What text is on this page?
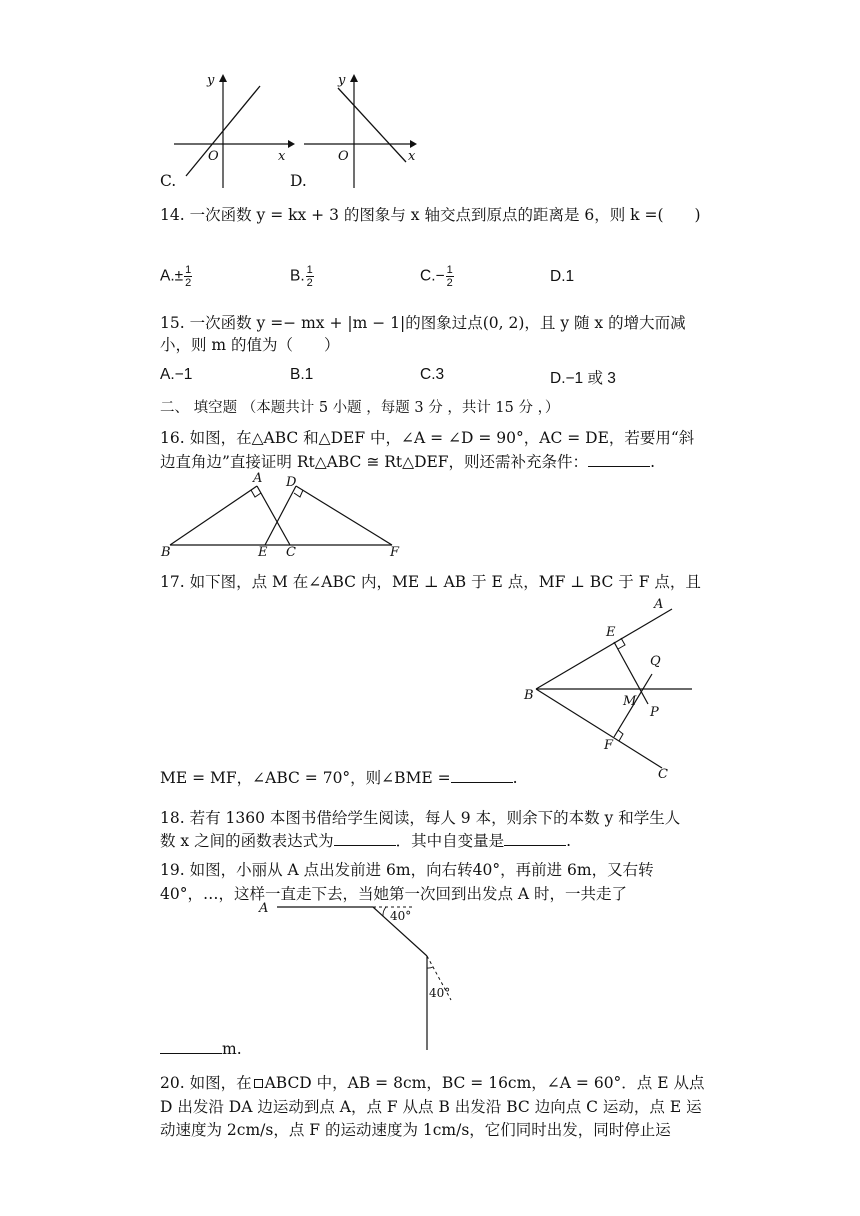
y
x
O
C.
y
x
O
D.
14. 一次函数 y = kx + 3 的图象与 x 轴交点到原点的距离是 6，则 k =(　　)
$A.\pm \frac{1}{2}$	B. $\frac{1}{2}$	$C.- \frac{1}{2}$	D.1
15. 一次函数 y =− mx + |m − 1|的图象过点(0, 2)，且 y 随 x 的增大而减
小，则 m 的值为（　　）
A.−1	B.1	C.3	D.−1 或 3
二、 填空题 （本题共计 5 小题 ，每题 3 分 ，共计 15 分 ，）
16. 如图，在△ABC 和△DEF 中，∠A = ∠D = 90°，AC = DE，若要用“斜
边直角边”直接证明 Rt△ABC ≅ Rt△DEF，则还需补充条件：	.
A D
B	E C	F
17. 如下图，点 M 在∠ABC 内，ME ⊥ AB 于 E 点，MF ⊥ BC 于 F 点，且
A
E
Q
B	M
P
F
C
ME = MF，∠ABC = 70°，则∠BME =	.
18. 若有 1360 本图书借给学生阅读，每人 9 本，则余下的本数 y 和学生人
数 x 之间的函数表达式为	．其中自变量是	.
19. 如图，小丽从 A 点出发前进 6m，向右转40°，再前进 6m，又右转
40°，…，这样一直走下去，当她第一次回到出发点 A 时，一共走了
A	40°
40°
m.
20. 如图，在 ABCD 中，AB = 8cm，BC = 16cm，∠A = 60°．点 E 从点
D 出发沿 DA 边运动到点 A，点 F 从点 B 出发沿 BC 边向点 C 运动，点 E 运
动速度为 2cm/s，点 F 的运动速度为 1cm/s，它们同时出发，同时停止运
